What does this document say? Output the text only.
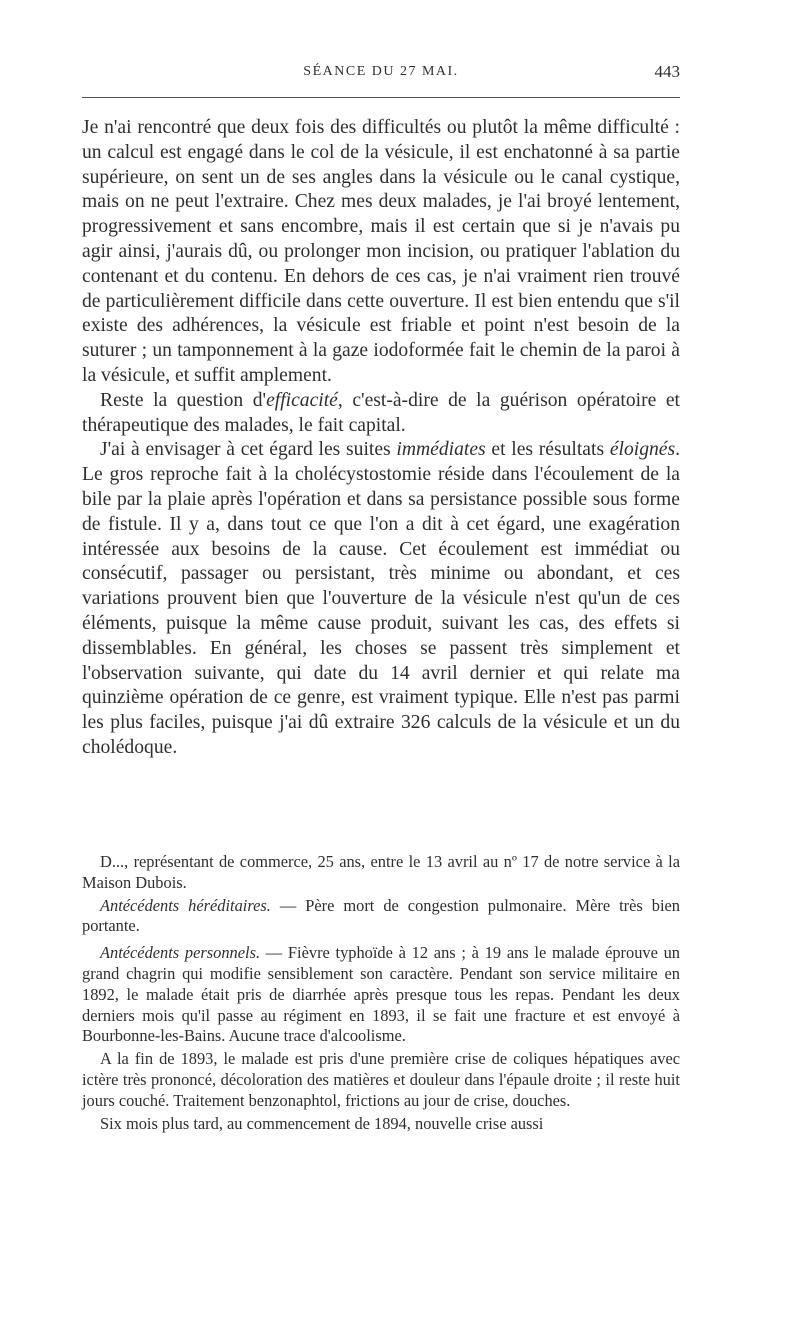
SÉANCE DU 27 MAI.	443

Je n'ai rencontré que deux fois des difficultés ou plutôt la même difficulté : un calcul est engagé dans le col de la vésicule, il est enchatonné à sa partie supérieure, on sent un de ses angles dans la vésicule ou le canal cystique, mais on ne peut l'extraire. Chez mes deux malades, je l'ai broyé lentement, progressivement et sans encombre, mais il est certain que si je n'avais pu agir ainsi, j'aurais dû, ou prolonger mon incision, ou pratiquer l'ablation du contenant et du contenu. En dehors de ces cas, je n'ai vraiment rien trouvé de particulièrement difficile dans cette ouverture. Il est bien entendu que s'il existe des adhérences, la vésicule est friable et point n'est besoin de la suturer ; un tamponnement à la gaze iodoformée fait le chemin de la paroi à la vésicule, et suffit amplement.

Reste la question d'efficacité, c'est-à-dire de la guérison opératoire et thérapeutique des malades, le fait capital.

J'ai à envisager à cet égard les suites immédiates et les résultats éloignés. Le gros reproche fait à la cholécystostomie réside dans l'écoulement de la bile par la plaie après l'opération et dans sa persistance possible sous forme de fistule. Il y a, dans tout ce que l'on a dit à cet égard, une exagération intéressée aux besoins de la cause. Cet écoulement est immédiat ou consécutif, passager ou persistant, très minime ou abondant, et ces variations prouvent bien que l'ouverture de la vésicule n'est qu'un de ces éléments, puisque la même cause produit, suivant les cas, des effets si dissemblables. En général, les choses se passent très simplement et l'observation suivante, qui date du 14 avril dernier et qui relate ma quinzième opération de ce genre, est vraiment typique. Elle n'est pas parmi les plus faciles, puisque j'ai dû extraire 326 calculs de la vésicule et un du cholédoque.

D..., représentant de commerce, 25 ans, entre le 13 avril au nº 17 de notre service à la Maison Dubois.

Antécédents héréditaires. — Père mort de congestion pulmonaire. Mère très bien portante.

Antécédents personnels. — Fièvre typhoïde à 12 ans ; à 19 ans le malade éprouve un grand chagrin qui modifie sensiblement son caractère. Pendant son service militaire en 1892, le malade était pris de diarrhée après presque tous les repas. Pendant les deux derniers mois qu'il passe au régiment en 1893, il se fait une fracture et est envoyé à Bourbonne-les-Bains. Aucune trace d'alcoolisme.

A la fin de 1893, le malade est pris d'une première crise de coliques hépatiques avec ictère très prononcé, décoloration des matières et douleur dans l'épaule droite ; il reste huit jours couché. Traitement benzonaphtol, frictions au jour de crise, douches.

Six mois plus tard, au commencement de 1894, nouvelle crise aussi
